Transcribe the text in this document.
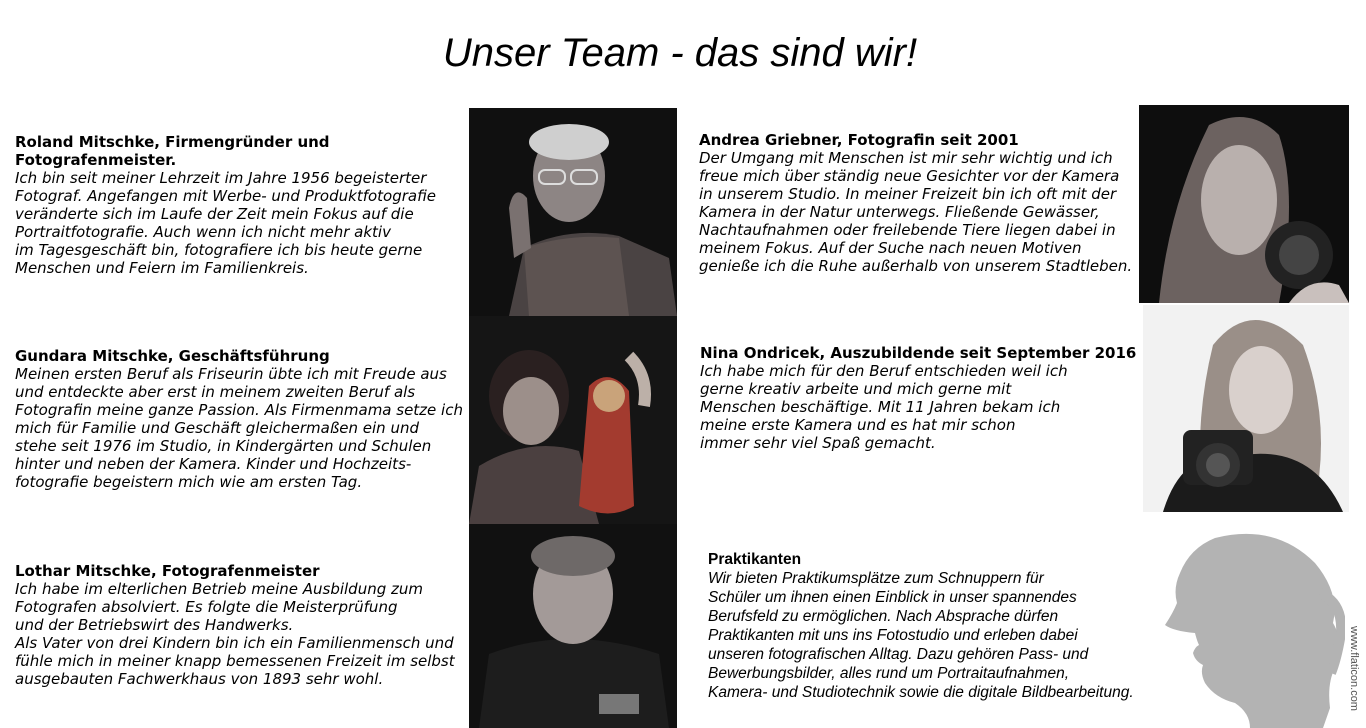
Unser Team - das sind wir!
Roland Mitschke, Firmengründer und Fotografenmeister.
Ich bin seit meiner Lehrzeit im Jahre 1956 begeisterter
Fotograf. Angefangen mit Werbe- und Produktfotografie
veränderte sich im Laufe der Zeit mein Fokus auf die
Portraitfotografie. Auch wenn ich nicht mehr aktiv
im Tagesgeschäft bin, fotografiere ich bis heute gerne
Menschen und Feiern im Familienkreis.
Gundara Mitschke, Geschäftsführung
Meinen ersten Beruf als Friseurin übte ich mit Freude aus
und entdeckte aber erst in meinem zweiten Beruf als
Fotografin meine ganze Passion. Als Firmenmama setze ich
mich für Familie und Geschäft gleichermaßen ein und
stehe seit 1976 im Studio, in Kindergärten und Schulen
hinter und neben der Kamera. Kinder und Hochzeits-
fotografie begeistern mich wie am ersten Tag.
Lothar Mitschke, Fotografenmeister
Ich habe im elterlichen Betrieb meine Ausbildung zum
Fotografen absolviert. Es folgte die Meisterprüfung
und der Betriebswirt des Handwerks.
Als Vater von drei Kindern bin ich ein Familienmensch und
fühle mich in meiner knapp bemessenen Freizeit im selbst
ausgebauten Fachwerkhaus von 1893 sehr wohl.
Andrea Griebner, Fotografin seit 2001
Der Umgang mit Menschen ist mir sehr wichtig und ich
freue mich über ständig neue Gesichter vor der Kamera
in unserem Studio. In meiner Freizeit bin ich oft mit der
Kamera in der Natur unterwegs. Fließende Gewässer,
Nachtaufnahmen oder freilebende Tiere liegen dabei in
meinem Fokus. Auf der Suche nach neuen Motiven
genieße ich die Ruhe außerhalb von unserem Stadtleben.
Nina Ondricek, Auszubildende seit September 2016
Ich habe mich für den Beruf entschieden weil ich
gerne kreativ arbeite und mich gerne mit
Menschen beschäftige. Mit 11 Jahren bekam ich
meine erste Kamera und es hat mir schon
immer sehr viel Spaß gemacht.
Praktikanten
Wir bieten Praktikumsplätze zum Schnuppern für
Schüler um ihnen einen Einblick in unser spannendes
Berufsfeld zu ermöglichen. Nach Absprache dürfen
Praktikanten mit uns ins Fotostudio und erleben dabei
unseren fotografischen Alltag. Dazu gehören Pass- und
Bewerbungsbilder, alles rund um Portraitaufnahmen,
Kamera- und Studiotechnik sowie die digitale Bildbearbeitung.	www.flaticon.com
